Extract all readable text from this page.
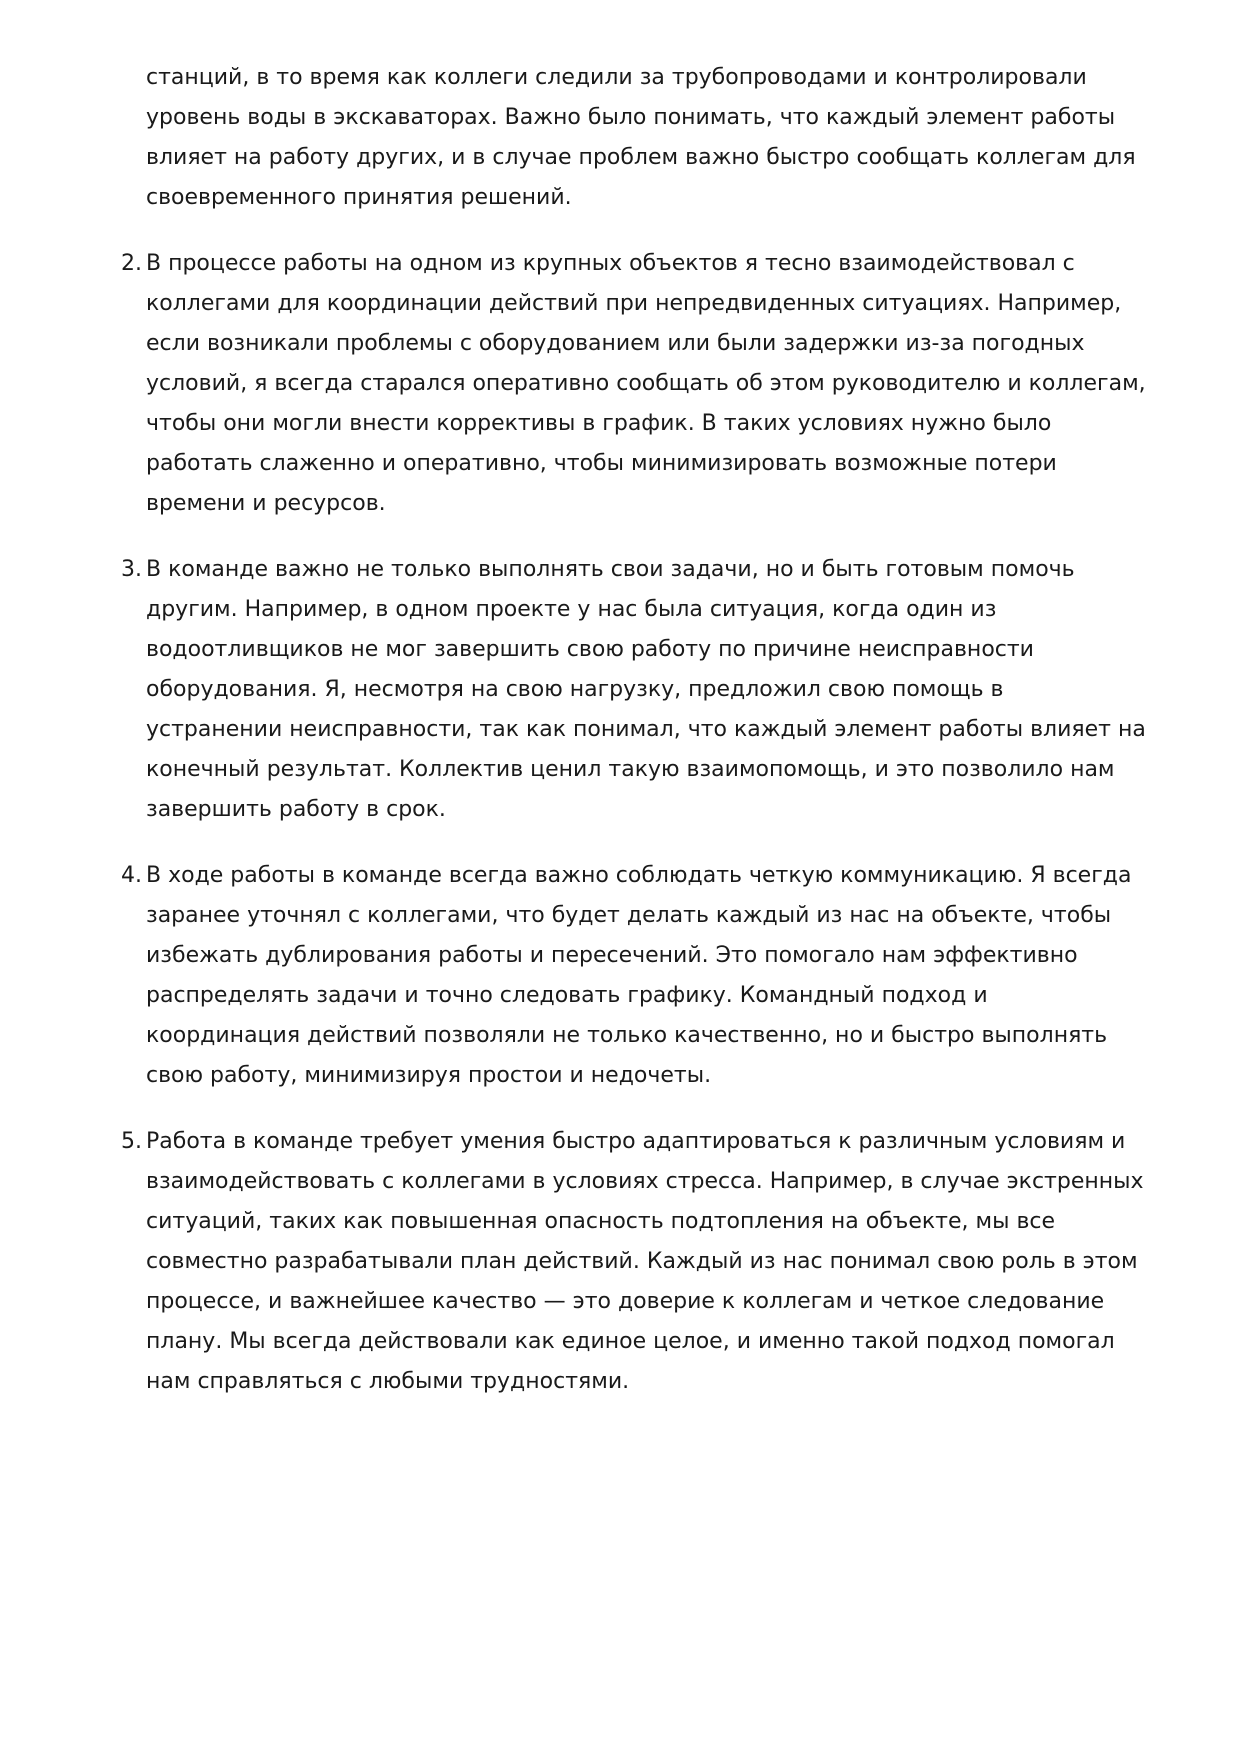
станций, в то время как коллеги следили за трубопроводами и контролировали уровень воды в экскаваторах. Важно было понимать, что каждый элемент работы влияет на работу других, и в случае проблем важно быстро сообщать коллегам для своевременного принятия решений.

2. В процессе работы на одном из крупных объектов я тесно взаимодействовал с коллегами для координации действий при непредвиденных ситуациях. Например, если возникали проблемы с оборудованием или были задержки из-за погодных условий, я всегда старался оперативно сообщать об этом руководителю и коллегам, чтобы они могли внести коррективы в график. В таких условиях нужно было работать слаженно и оперативно, чтобы минимизировать возможные потери времени и ресурсов.
3. В команде важно не только выполнять свои задачи, но и быть готовым помочь другим. Например, в одном проекте у нас была ситуация, когда один из водоотливщиков не мог завершить свою работу по причине неисправности оборудования. Я, несмотря на свою нагрузку, предложил свою помощь в устранении неисправности, так как понимал, что каждый элемент работы влияет на конечный результат. Коллектив ценил такую взаимопомощь, и это позволило нам завершить работу в срок.
4. В ходе работы в команде всегда важно соблюдать четкую коммуникацию. Я всегда заранее уточнял с коллегами, что будет делать каждый из нас на объекте, чтобы избежать дублирования работы и пересечений. Это помогало нам эффективно распределять задачи и точно следовать графику. Командный подход и координация действий позволяли не только качественно, но и быстро выполнять свою работу, минимизируя простои и недочеты.
5. Работа в команде требует умения быстро адаптироваться к различным условиям и взаимодействовать с коллегами в условиях стресса. Например, в случае экстренных ситуаций, таких как повышенная опасность подтопления на объекте, мы все совместно разрабатывали план действий. Каждый из нас понимал свою роль в этом процессе, и важнейшее качество — это доверие к коллегам и четкое следование плану. Мы всегда действовали как единое целое, и именно такой подход помогал нам справляться с любыми трудностями.
